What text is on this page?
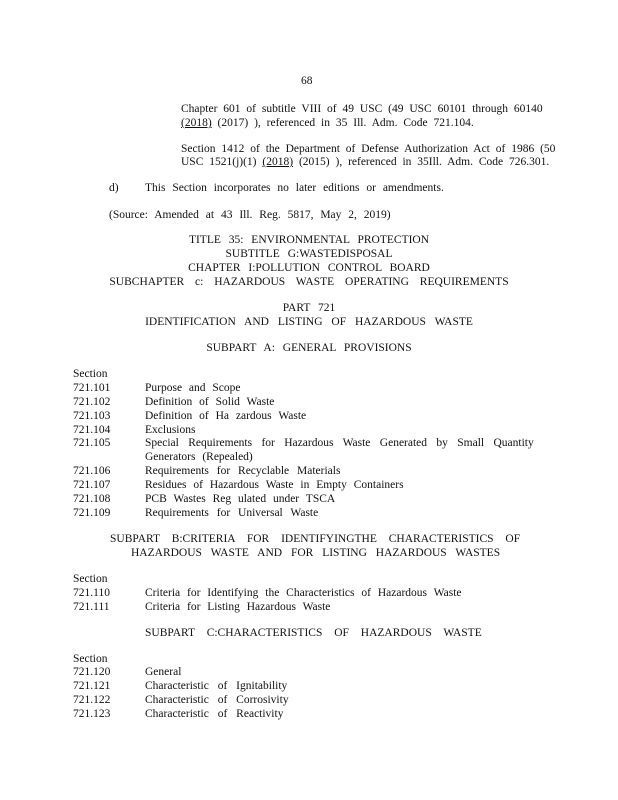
68
Chapter 601 of subtitle VIII of 49 USC (49 USC 60101 through 60140
(2018) (2017) ), referenced in 35 Ill. Adm. Code 721.104.
Section 1412 of the Department of Defense Authorization Act of 1986 (50
USC 1521(j)(1) (2018) (2015) ), referenced in 35Ill. Adm. Code 726.301.
d) This Section incorporates no later editions or amendments.
(Source: Amended at 43 Ill. Reg. 5817, May 2, 2019)
TITLE 35: ENVIRONMENTAL PROTECTION
SUBTITLE G:WASTEDISPOSAL
CHAPTER I:POLLUTION CONTROL BOARD
SUBCHAPTER c: HAZARDOUS WASTE OPERATING REQUIREMENTS
PART 721
IDENTIFICATION AND LISTING OF HAZARDOUS WASTE
SUBPART A: GENERAL PROVISIONS
Section
721.101	Purpose and Scope
721.102	Definition of Solid Waste
721.103	Definition of Ha zardous Waste
721.104	Exclusions
721.105	Special Requirements for Hazardous Waste Generated by Small Quantity
Generators (Repealed)
721.106	Requirements for Recyclable Materials
721.107	Residues of Hazardous Waste in Empty Containers
721.108	PCB Wastes Reg ulated under TSCA
721.109	Requirements for Universal Waste
SUBPART B:CRITERIA FOR IDENTIFYINGTHE CHARACTERISTICS OF
HAZARDOUS WASTE AND FOR LISTING HAZARDOUS WASTES
Section
721.110	Criteria for Identifying the Characteristics of Hazardous Waste
721.111	Criteria for Listing Hazardous Waste
SUBPART C:CHARACTERISTICS OF HAZARDOUS WASTE
Section
721.120	General
721.121	Characteristic of Ignitability
721.122	Characteristic of Corrosivity
721.123	Characteristic of Reactivity
